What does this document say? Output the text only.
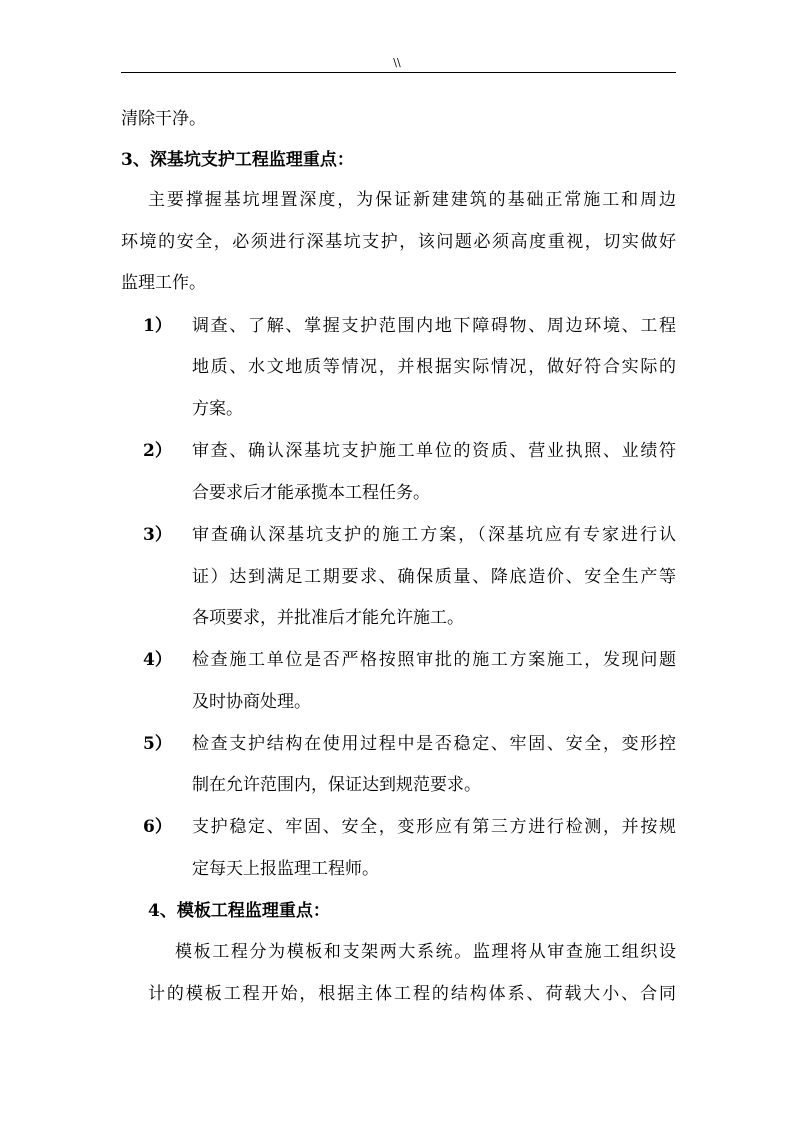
\\
清除干净。
3、深基坑支护工程监理重点：
主要撑握基坑埋置深度，为保证新建建筑的基础正常施工和周边
环境的安全，必须进行深基坑支护，该问题必须高度重视，切实做好
监理工作。
1） 调查、了解、掌握支护范围内地下障碍物、周边环境、工程
地质、水文地质等情况，并根据实际情况，做好符合实际的
方案。
2） 审查、确认深基坑支护施工单位的资质、营业执照、业绩符
合要求后才能承揽本工程任务。
3） 审查确认深基坑支护的施工方案，（深基坑应有专家进行认
证）达到满足工期要求、确保质量、降底造价、安全生产等
各项要求，并批准后才能允许施工。
4） 检查施工单位是否严格按照审批的施工方案施工，发现问题
及时协商处理。
5） 检查支护结构在使用过程中是否稳定、牢固、安全，变形控
制在允许范围内，保证达到规范要求。
6） 支护稳定、牢固、安全，变形应有第三方进行检测，并按规
定每天上报监理工程师。
4、模板工程监理重点：
模板工程分为模板和支架两大系统。监理将从审查施工组织设
计的模板工程开始，根据主体工程的结构体系、荷载大小、合同
